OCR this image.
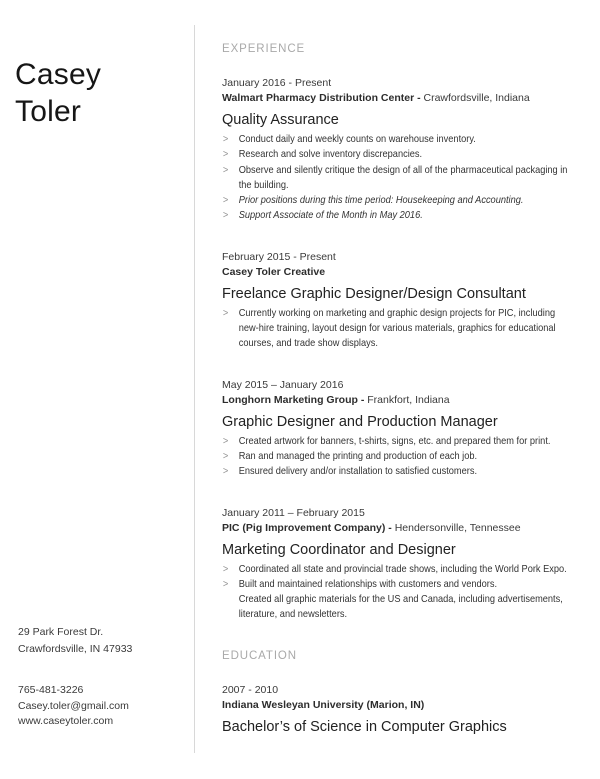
Casey
Toler
29 Park Forest Dr.
Crawfordsville, IN 47933
765-481-3226
Casey.toler@gmail.com
www.caseytoler.com
EXPERIENCE
January 2016 - Present
Walmart Pharmacy Distribution Center - Crawfordsville, Indiana
Quality Assurance
> Conduct daily and weekly counts on warehouse inventory.
> Research and solve inventory discrepancies.
> Observe and silently critique the design of all of the pharmaceutical packaging in the building.
> Prior positions during this time period: Housekeeping and Accounting.
> Support Associate of the Month in May 2016.
February 2015 - Present
Casey Toler Creative
Freelance Graphic Designer/Design Consultant
> Currently working on marketing and graphic design projects for PIC, including new-hire training, layout design for various materials, graphics for educational courses, and trade show displays.
May 2015 – January 2016
Longhorn Marketing Group - Frankfort, Indiana
Graphic Designer and Production Manager
> Created artwork for banners, t-shirts, signs, etc. and prepared them for print.
> Ran and managed the printing and production of each job.
> Ensured delivery and/or installation to satisfied customers.
January 2011 – February 2015
PIC (Pig Improvement Company) - Hendersonville, Tennessee
Marketing Coordinator and Designer
> Coordinated all state and provincial trade shows, including the World Pork Expo.
> Built and maintained relationships with customers and vendors.
Created all graphic materials for the US and Canada, including advertisements, literature, and newsletters.
EDUCATION
2007 - 2010
Indiana Wesleyan University (Marion, IN)
Bachelor’s of Science in Computer Graphics
